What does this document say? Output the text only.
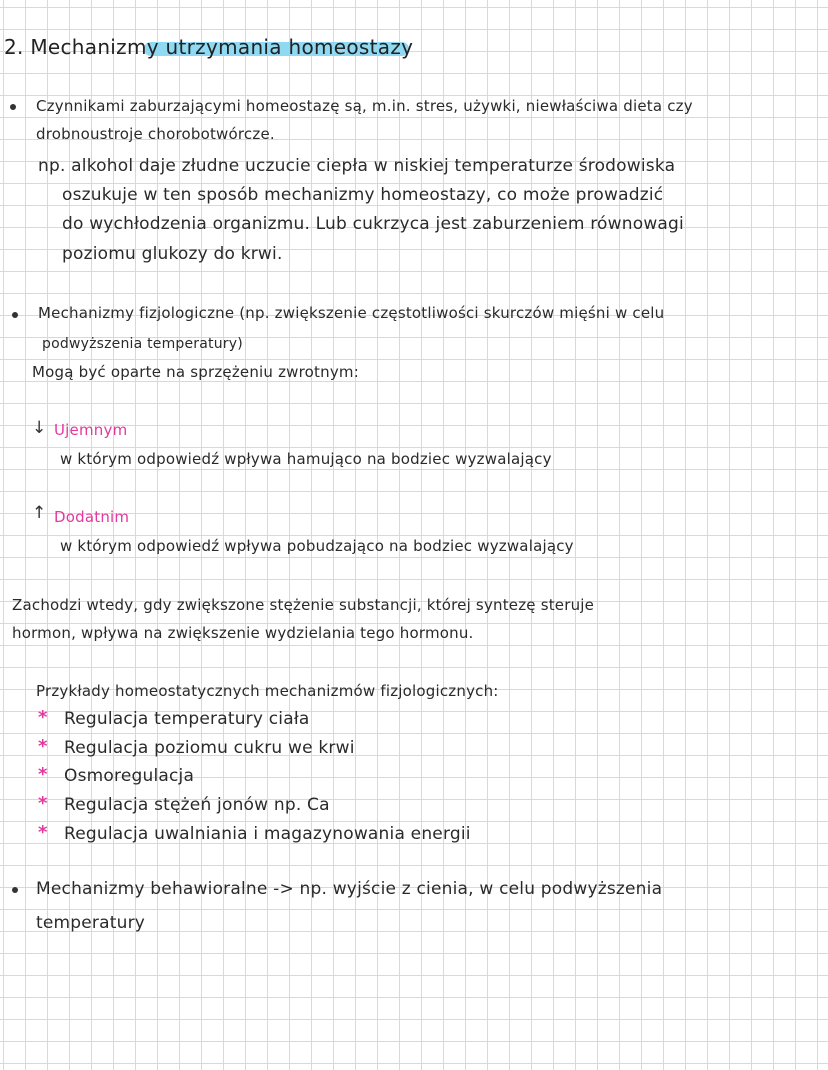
2. Mechanizmy utrzymania homeostazy
Czynnikami zaburzającymi homeostazę są, m.in. stres, używki, niewłaściwa dieta czy
drobnoustroje chorobotwórcze.
np. alkohol daje złudne uczucie ciepła w niskiej temperaturze środowiska
oszukuje w ten sposób mechanizmy homeostazy, co może prowadzić
do wychłodzenia organizmu. Lub cukrzyca jest zaburzeniem równowagi
poziomu glukozy do krwi.
Mechanizmy fizjologiczne (np. zwiększenie częstotliwości skurczów mięśni w celu
podwyższenia temperatury)
Mogą być oparte na sprzężeniu zwrotnym:
↓ Ujemnym
w którym odpowiedź wpływa hamująco na bodziec wyzwalający
↑ Dodatnim
w którym odpowiedź wpływa pobudzająco na bodziec wyzwalający
Zachodzi wtedy, gdy zwiększone stężenie substancji, której syntezę steruje
hormon, wpływa na zwiększenie wydzielania tego hormonu.
Przykłady homeostatycznych mechanizmów fizjologicznych:
* Regulacja temperatury ciała
* Regulacja poziomu cukru we krwi
* Osmoregulacja
* Regulacja stężeń jonów np. Ca
* Regulacja uwalniania i magazynowania energii
Mechanizmy behawioralne -> np. wyjście z cienia, w celu podwyższenia
temperatury
